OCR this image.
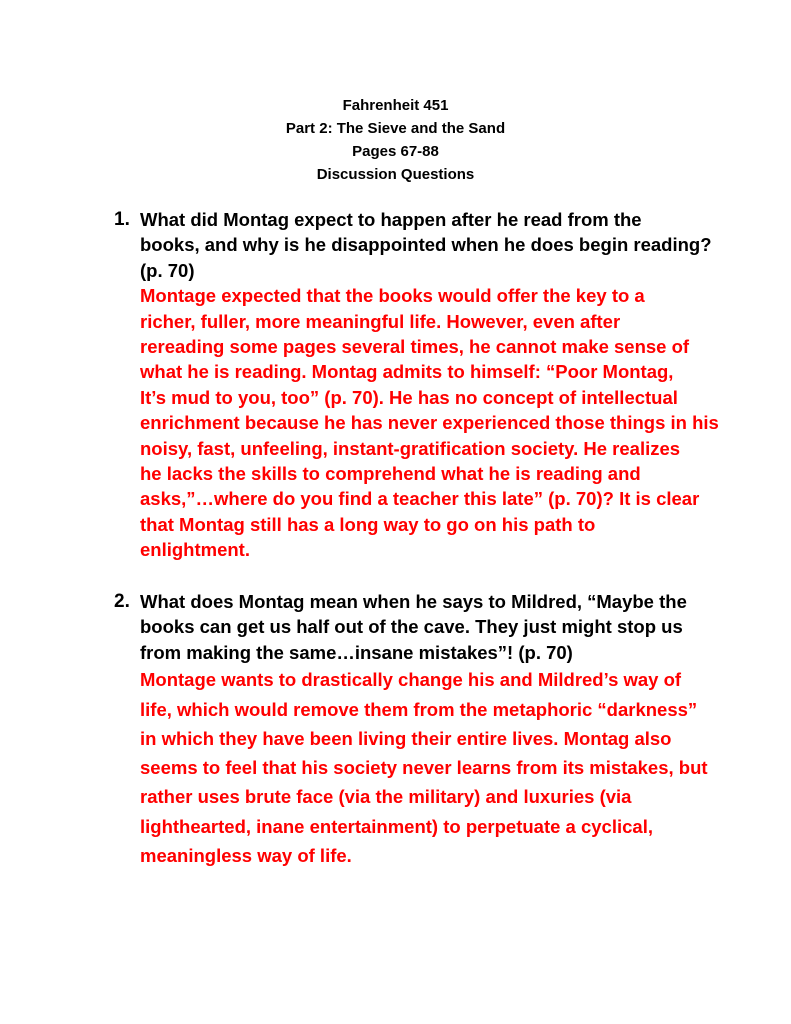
Fahrenheit 451
Part 2: The Sieve and the Sand
Pages 67-88
Discussion Questions
1. What did Montag expect to happen after he read from the
books, and why is he disappointed when he does begin reading?
(p. 70)
Montage expected that the books would offer the key to a
richer, fuller, more meaningful life. However, even after
rereading some pages several times, he cannot make sense of
what he is reading. Montag admits to himself: “Poor Montag,
It’s mud to you, too” (p. 70). He has no concept of intellectual
enrichment because he has never experienced those things in his
noisy, fast, unfeeling, instant-gratification society. He realizes
he lacks the skills to comprehend what he is reading and
asks,”…where do you find a teacher this late” (p. 70)? It is clear
that Montag still has a long way to go on his path to
enlightment.
2. What does Montag mean when he says to Mildred, “Maybe the
books can get us half out of the cave. They just might stop us
from making the same…insane mistakes”! (p. 70)
Montage wants to drastically change his and Mildred’s way of
life, which would remove them from the metaphoric “darkness”
in which they have been living their entire lives. Montag also
seems to feel that his society never learns from its mistakes, but
rather uses brute face (via the military) and luxuries (via
lighthearted, inane entertainment) to perpetuate a cyclical,
meaningless way of life.
